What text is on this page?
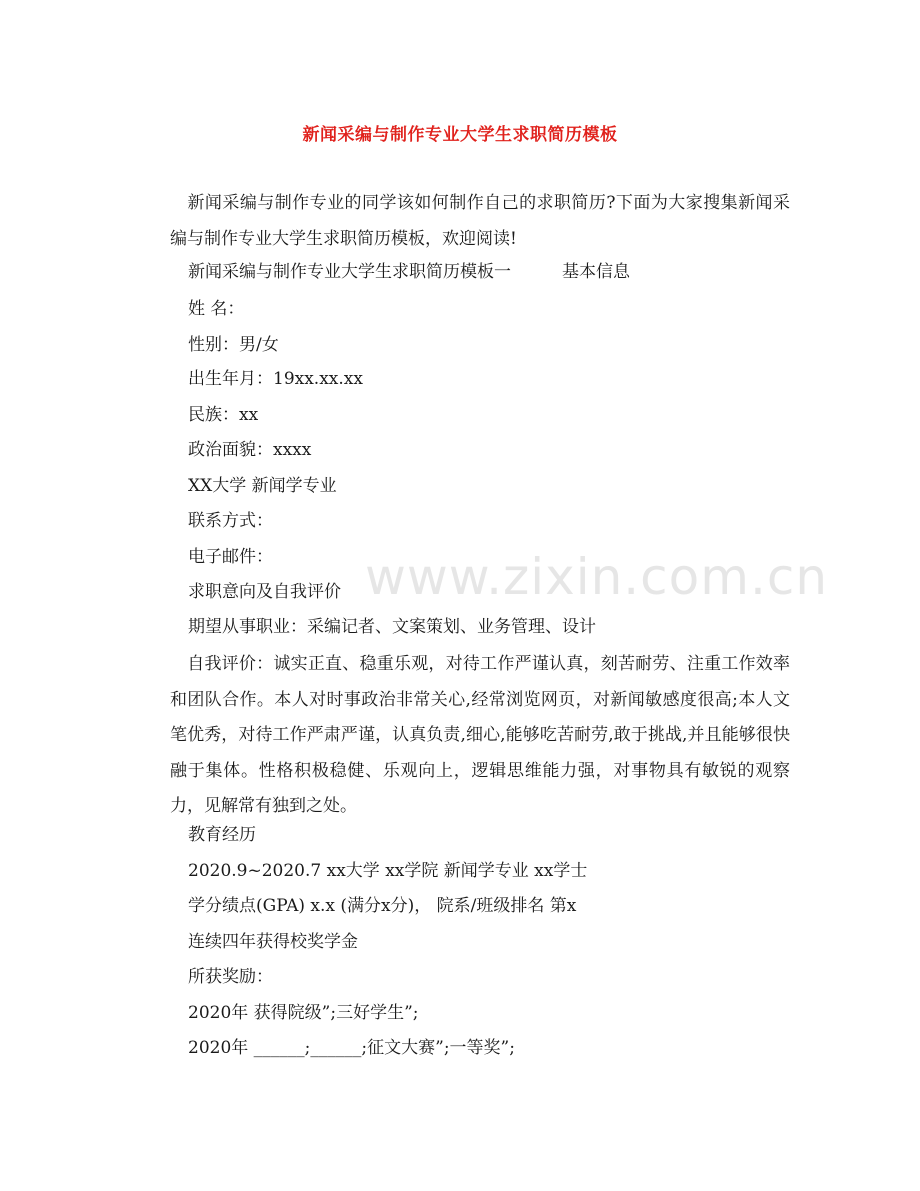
新闻采编与制作专业大学生求职简历模板
新闻采编与制作专业的同学该如何制作自己的求职简历?下面为大家搜集新闻采编与制作专业大学生求职简历模板，欢迎阅读!
新闻采编与制作专业大学生求职简历模板一　　　基本信息
姓 名：
性别：男/女
出生年月：19xx.xx.xx
民族：xx
政治面貌：xxxx
XX大学 新闻学专业
联系方式：
电子邮件：
求职意向及自我评价
期望从事职业：采编记者、文案策划、业务管理、设计
自我评价：诚实正直、稳重乐观，对待工作严谨认真，刻苦耐劳、注重工作效率和团队合作。本人对时事政治非常关心,经常浏览网页，对新闻敏感度很高;本人文笔优秀，对待工作严肃严谨，认真负责,细心,能够吃苦耐劳,敢于挑战,并且能够很快融于集体。性格积极稳健、乐观向上，逻辑思维能力强，对事物具有敏锐的观察力，见解常有独到之处。
教育经历
2020.9~2020.7 xx大学 xx学院 新闻学专业 xx学士
学分绩点(GPA) x.x (满分x分)， 院系/班级排名 第x
连续四年获得校奖学金
所获奖励：
2020年 获得院级”;三好学生”;
2020年 ______;______;征文大赛”;一等奖”;
www.zixin.com.cn
